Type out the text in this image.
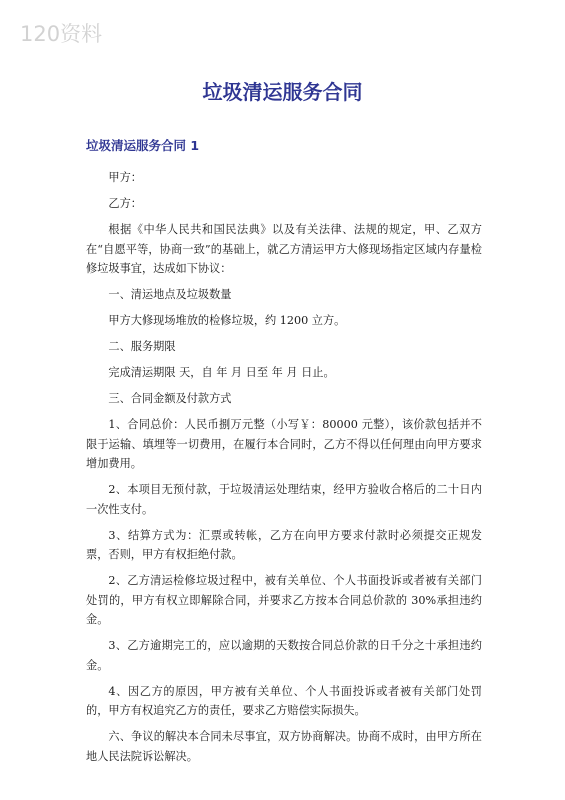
120资料
垃圾清运服务合同
垃圾清运服务合同 1

甲方：

乙方：

根据《中华人民共和国民法典》以及有关法律、法规的规定，甲、乙双方在“自愿平等，协商一致”的基础上，就乙方清运甲方大修现场指定区域内存量检修垃圾事宜，达成如下协议：

一、清运地点及垃圾数量

甲方大修现场堆放的检修垃圾，约 1200 立方。

二、服务期限

完成清运期限 天，自 年 月 日至 年 月 日止。

三、合同金额及付款方式

1、合同总价：人民币捌万元整（小写￥：80000 元整），该价款包括并不限于运输、填埋等一切费用，在履行本合同时，乙方不得以任何理由向甲方要求增加费用。

2、本项目无预付款，于垃圾清运处理结束，经甲方验收合格后的二十日内一次性支付。

3、结算方式为：汇票或转帐，乙方在向甲方要求付款时必须提交正规发票，否则，甲方有权拒绝付款。

2、乙方清运检修垃圾过程中，被有关单位、个人书面投诉或者被有关部门处罚的，甲方有权立即解除合同，并要求乙方按本合同总价款的 30%承担违约金。

3、乙方逾期完工的，应以逾期的天数按合同总价款的日千分之十承担违约金。

4、因乙方的原因，甲方被有关单位、个人书面投诉或者被有关部门处罚的，甲方有权追究乙方的责任，要求乙方赔偿实际损失。

六、争议的解决本合同未尽事宜，双方协商解决。协商不成时，由甲方所在地人民法院诉讼解决。
